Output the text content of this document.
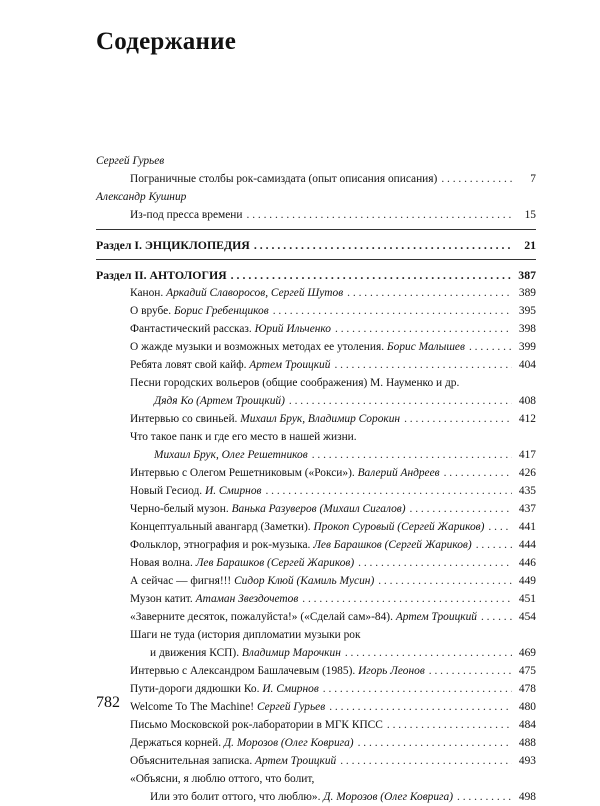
Содержание
Сергей Гурьев
Пограничные столбы рок-самиздата (опыт описания описания) . . .	7
Александр Кушнир
Из-под пресса времени . . .	15
Раздел I. ЭНЦИКЛОПЕДИЯ . . .	21
Раздел II. АНТОЛОГИЯ . . .	387
Канон. Аркадий Славоросов, Сергей Шутов . . .	389
О врубе. Борис Гребенщиков . . .	395
Фантастический рассказ. Юрий Ильченко . . .	398
О жажде музыки и возможных методах ее утоления. Борис Малышев . . .	399
Ребята ловят свой кайф. Артем Троицкий . . .	404
Песни городских вольеров (общие соображения) М. Науменко и др.
Дядя Ко (Артем Троицкий) . . .	408
Интервью со свиньей. Михаил Брук, Владимир Сорокин . . .	412
Что такое панк и где его место в нашей жизни.
Михаил Брук, Олег Решетников . . .	417
Интервью с Олегом Решетниковым («Рокси»). Валерий Андреев . . .	426
Новый Гесиод. И. Смирнов . . .	435
Черно-белый музон. Ванька Разуверов (Михаил Сигалов) . . .	437
Концептуальный авангард (Заметки). Прокоп Суровый (Сергей Жариков) . . .	441
Фольклор, этнография и рок-музыка. Лев Барашков (Сергей Жариков) . . .	444
Новая волна. Лев Барашков (Сергей Жариков) . . .	446
А сейчас — фигня!!! Сидор Клюй (Камиль Мусин) . . .	449
Музон катит. Атаман Звездочетов . . .	451
«Заверните десяток, пожалуйста!» («Сделай сам»-84). Артем Троицкий . . .	454
Шаги не туда (история дипломатии музыки рок
и движения КСП). Владимир Марочкин . . .	469
Интервью с Александром Башлачевым (1985). Игорь Леонов . . .	475
Пути-дороги дядюшки Ко. И. Смирнов . . .	478
Welcome To The Machine! Сергей Гурьев . . .	480
Письмо Московской рок-лаборатории в МГК КПСС . . .	484
Держаться корней. Д. Морозов (Олег Ковригa) . . .	488
Объяснительная записка. Артем Троицкий . . .	493
«Объясни, я люблю оттого, что болит,
Или это болит оттого, что люблю». Д. Морозов (Олег Ковригa) . . .	498
782
